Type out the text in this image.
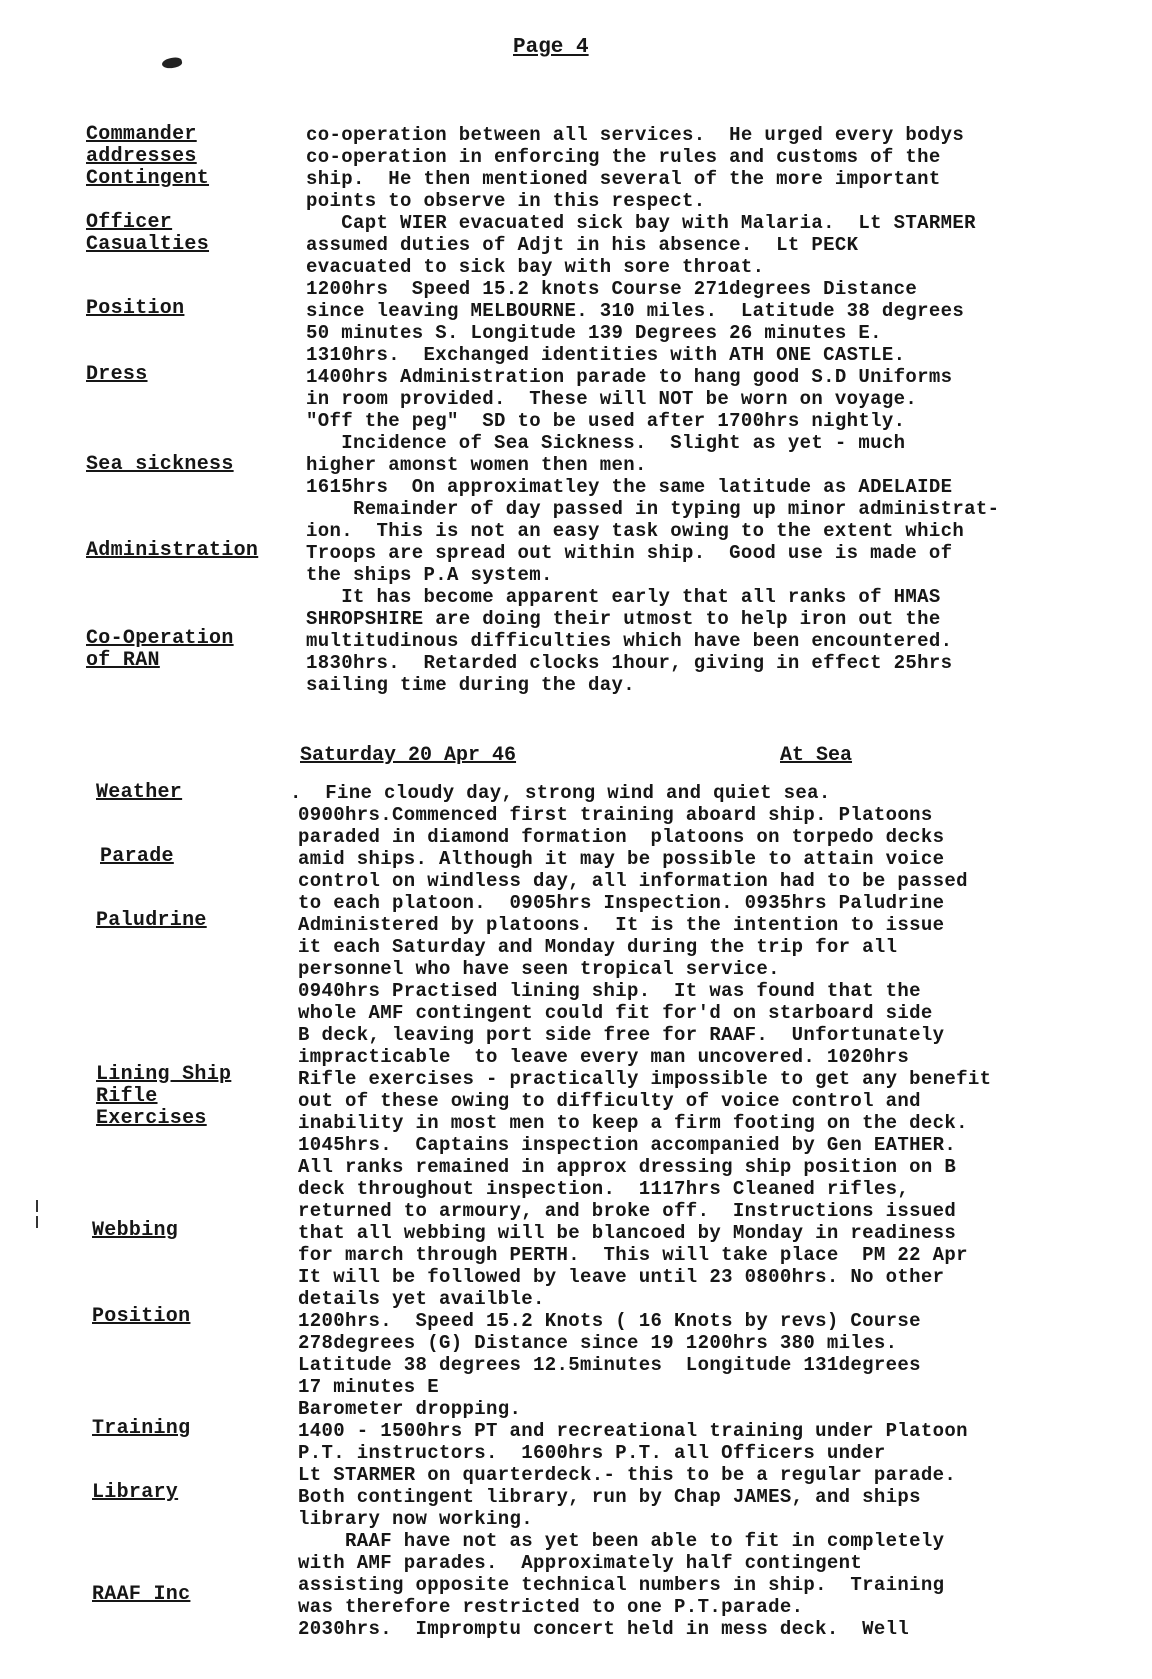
Page 4
Commander
addresses
Contingent
Officer
Casualties
Position
Dress
Sea sickness
Administration
Co-Operation
of RAN
Weather
Parade
Paludrine
Lining Ship
Rifle
Exercises
Webbing
Position
Training
Library
RAAF Inc
co-operation between all services.  He urged every bodys
co-operation in enforcing the rules and customs of the
ship.  He then mentioned several of the more important
points to observe in this respect.
Capt WIER evacuated sick bay with Malaria.  Lt STARMER
assumed duties of Adjt in his absence.  Lt PECK
evacuated to sick bay with sore throat.
1200hrs  Speed 15.2 knots Course 271degrees Distance
since leaving MELBOURNE. 310 miles.  Latitude 38 degrees
50 minutes S. Longitude 139 Degrees 26 minutes E.
1310hrs.  Exchanged identities with ATH ONE CASTLE.
1400hrs Administration parade to hang good S.D Uniforms
in room provided.  These will NOT be worn on voyage.
"Off the peg"  SD to be used after 1700hrs nightly.
Incidence of Sea Sickness.  Slight as yet - much
higher amonst women then men.
1615hrs  On approximatley the same latitude as ADELAIDE
Remainder of day passed in typing up minor administrat-
ion.  This is not an easy task owing to the extent which
Troops are spread out within ship.  Good use is made of
the ships P.A system.
It has become apparent early that all ranks of HMAS
SHROPSHIRE are doing their utmost to help iron out the
multitudinous difficulties which have been encountered.
1830hrs.  Retarded clocks 1hour, giving in effect 25hrs
sailing time during the day.
Saturday 20 Apr 46	At Sea
.  Fine cloudy day, strong wind and quiet sea.
0900hrs.Commenced first training aboard ship. Platoons
paraded in diamond formation  platoons on torpedo decks
amid ships. Although it may be possible to attain voice
control on windless day, all information had to be passed
to each platoon.  0905hrs Inspection. 0935hrs Paludrine
Administered by platoons.  It is the intention to issue
it each Saturday and Monday during the trip for all
personnel who have seen tropical service.
0940hrs Practised lining ship.  It was found that the
whole AMF contingent could fit for'd on starboard side
B deck, leaving port side free for RAAF.  Unfortunately
impracticable  to leave every man uncovered. 1020hrs
Rifle exercises - practically impossible to get any benefit
out of these owing to difficulty of voice control and
inability in most men to keep a firm footing on the deck.
1045hrs.  Captains inspection accompanied by Gen EATHER.
All ranks remained in approx dressing ship position on B
deck throughout inspection.  1117hrs Cleaned rifles,
returned to armoury, and broke off.  Instructions issued
that all webbing will be blancoed by Monday in readiness
for march through PERTH.  This will take place  PM 22 Apr
It will be followed by leave until 23 0800hrs. No other
details yet availble.
1200hrs.  Speed 15.2 Knots ( 16 Knots by revs) Course
278degrees (G) Distance since 19 1200hrs 380 miles.
Latitude 38 degrees 12.5minutes  Longitude 131degrees
17 minutes E
Barometer dropping.
1400 - 1500hrs PT and recreational training under Platoon
P.T. instructors.  1600hrs P.T. all Officers under
Lt STARMER on quarterdeck.- this to be a regular parade.
Both contingent library, run by Chap JAMES, and ships
library now working.
RAAF have not as yet been able to fit in completely
with AMF parades.  Approximately half contingent
assisting opposite technical numbers in ship.  Training
was therefore restricted to one P.T.parade.
2030hrs.  Impromptu concert held in mess deck.  Well
